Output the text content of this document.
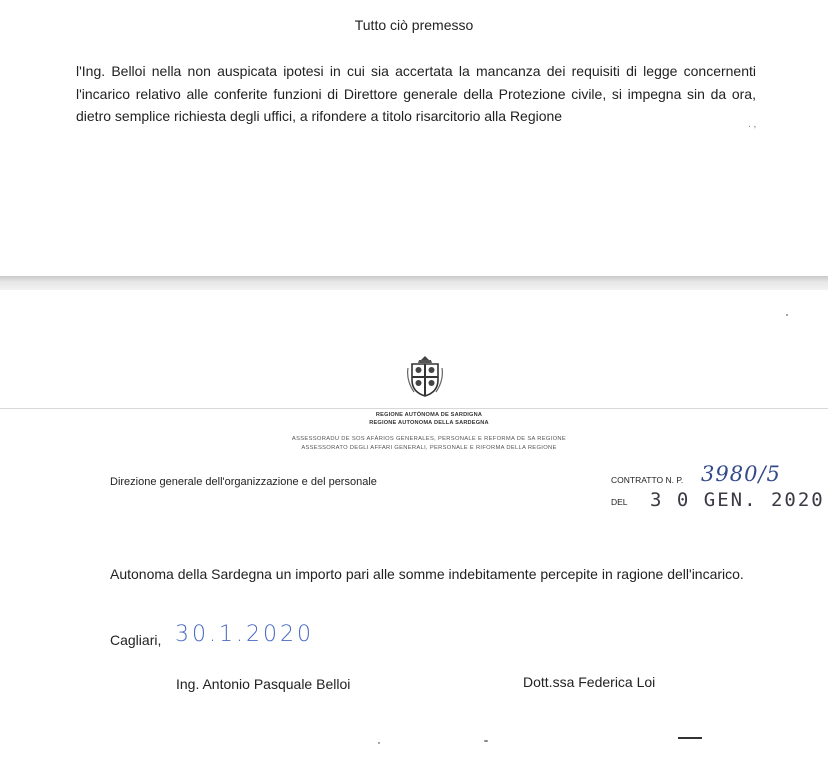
Tutto ciò premesso
l'Ing. Belloi nella non auspicata ipotesi in cui sia accertata la mancanza dei requisiti di legge concernenti l'incarico relativo alle conferite funzioni di Direttore generale della Protezione civile, si impegna sin da ora, dietro semplice richiesta degli uffici, a rifondere a titolo risarcitorio alla Regione
. ,
REGIONE AUTÒNOMA DE SARDIGNA
REGIONE AUTONOMA DELLA SARDEGNA
ASSESSORADU DE SOS AFÀRIOS GENERALES, PERSONALE E REFORMA DE SA REGIONE
ASSESSORATO DEGLI AFFARI GENERALI, PERSONALE E RIFORMA DELLA REGIONE
Direzione generale dell'organizzazione e del personale	CONTRATTO N. P. 3980/5
DEL 3 0 GEN. 2020
Autonoma della Sardegna un importo pari alle somme indebitamente percepite in ragione dell'incarico.
Cagliari, 30.1.2020
Ing. Antonio Pasquale Belloi	Dott.ssa Federica Loi
